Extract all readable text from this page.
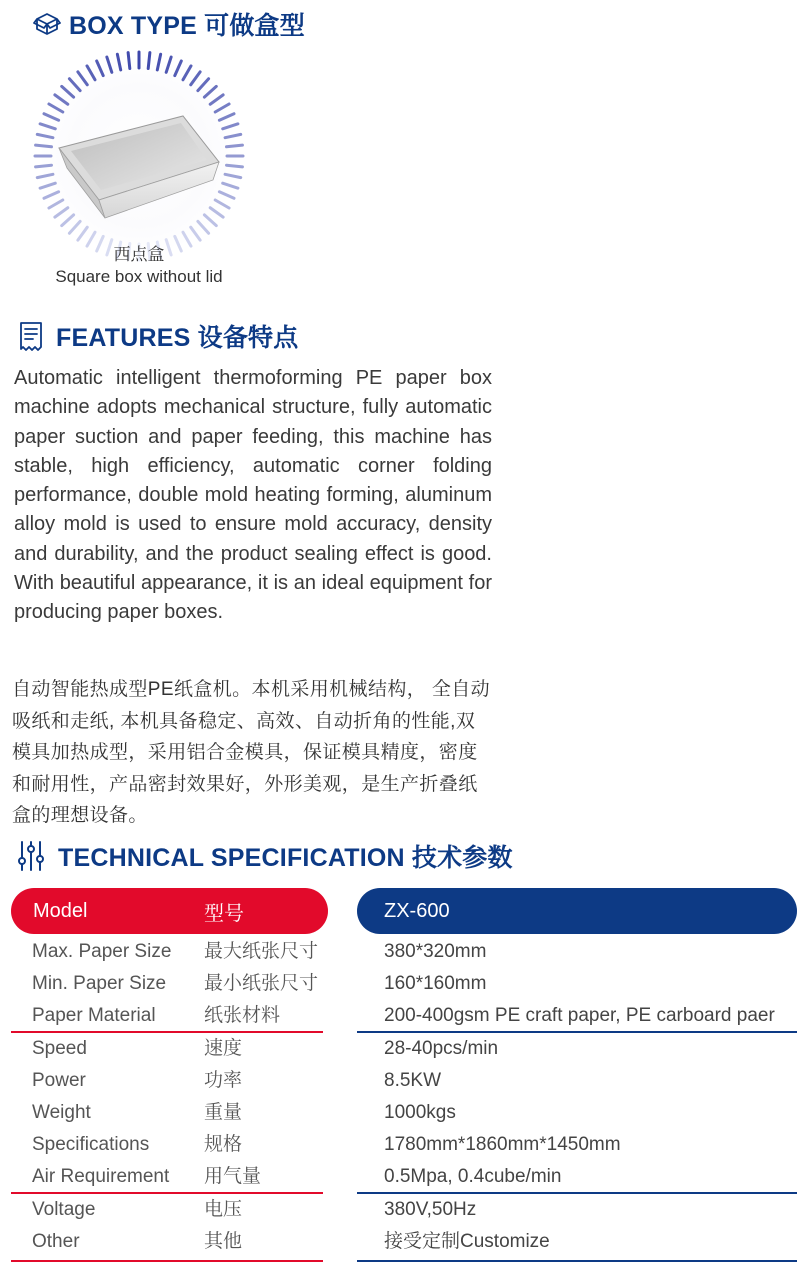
BOX TYPE 可做盒型
西点盒
Square box without lid
FEATURES 设备特点
Automatic intelligent thermoforming PE paper box machine adopts mechanical structure, fully automatic paper suction and paper feeding, this machine has stable, high efficiency, automatic corner folding performance, double mold heating forming, aluminum alloy mold is used to ensure mold accuracy, density and durability, and the product sealing effect is good. With beautiful appearance, it is an ideal equipment for producing paper boxes.
自动智能热成型PE纸盒机。本机采用机械结构， 全自动吸纸和走纸, 本机具备稳定、高效、自动折角的性能,双模具加热成型，采用铝合金模具，保证模具精度，密度和耐用性，产品密封效果好，外形美观，是生产折叠纸盒的理想设备。
TECHNICAL SPECIFICATION 技术参数
Model	型号	ZX-600
Max. Paper Size 最大纸张尺寸	380*320mm
Min. Paper Size 最小纸张尺寸	160*160mm
Paper Material	纸张材料	200-400gsm PE craft paper, PE carboard paer
Speed	速度	28-40pcs/min
Power	功率	8.5KW
Weight	重量	1000kgs
Specifications	规格	1780mm*1860mm*1450mm
Air Requirement 用气量	0.5Mpa, 0.4cube/min
Voltage	电压	380V,50Hz
Other	其他	接受定制Customize
